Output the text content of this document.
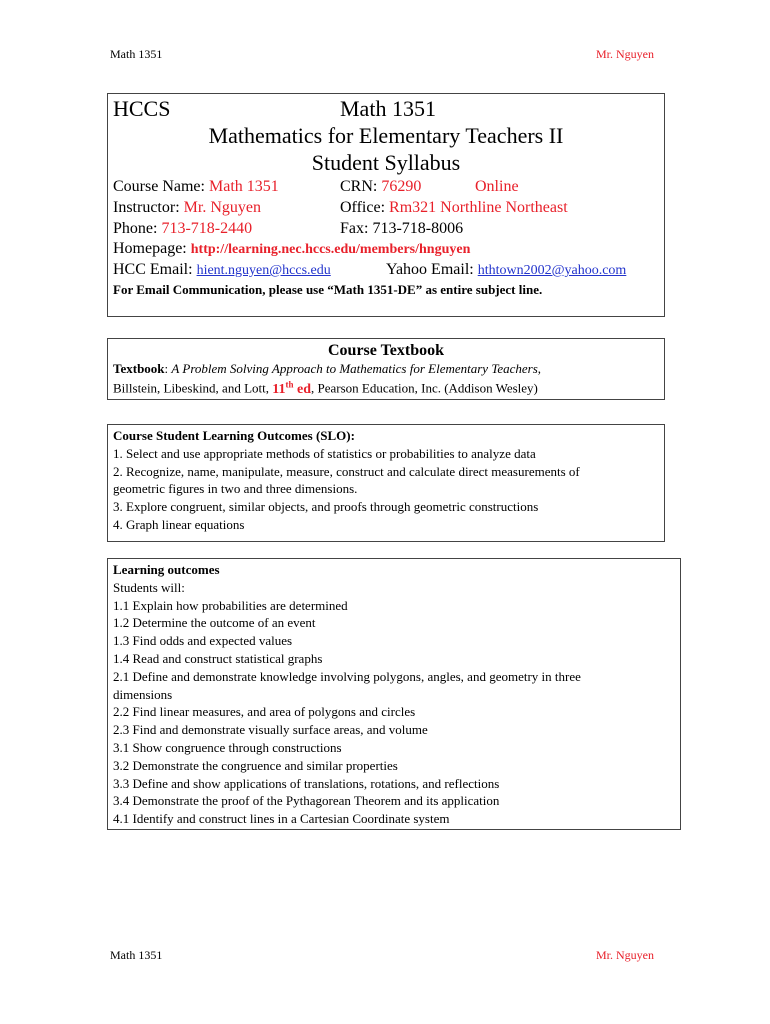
Math 1351	Mr. Nguyen
HCCS	Math 1351
Mathematics for Elementary Teachers II
Student Syllabus
Course Name: Math 1351	CRN: 76290	Online
Instructor: Mr. Nguyen	Office: Rm321 Northline Northeast
Phone: 713-718-2440	Fax: 713-718-8006
Homepage: http://learning.nec.hccs.edu/members/hnguyen
HCC Email: hient.nguyen@hccs.edu	Yahoo Email: hthtown2002@yahoo.com
For Email Communication, please use “Math 1351-DE” as entire subject line.
Course Textbook
Textbook: A Problem Solving Approach to Mathematics for Elementary Teachers,
Billstein, Libeskind, and Lott, 11th ed, Pearson Education, Inc. (Addison Wesley)
Course Student Learning Outcomes (SLO):
1. Select and use appropriate methods of statistics or probabilities to analyze data
2. Recognize, name, manipulate, measure, construct and calculate direct measurements of
geometric figures in two and three dimensions.
3. Explore congruent, similar objects, and proofs through geometric constructions
4. Graph linear equations
Learning outcomes
Students will:
1.1 Explain how probabilities are determined
1.2 Determine the outcome of an event
1.3 Find odds and expected values
1.4 Read and construct statistical graphs
2.1 Define and demonstrate knowledge involving polygons, angles, and geometry in three
dimensions
2.2 Find linear measures, and area of polygons and circles
2.3 Find and demonstrate visually surface areas, and volume
3.1 Show congruence through constructions
3.2 Demonstrate the congruence and similar properties
3.3 Define and show applications of translations, rotations, and reflections
3.4 Demonstrate the proof of the Pythagorean Theorem and its application
4.1 Identify and construct lines in a Cartesian Coordinate system
Math 1351	Mr. Nguyen
